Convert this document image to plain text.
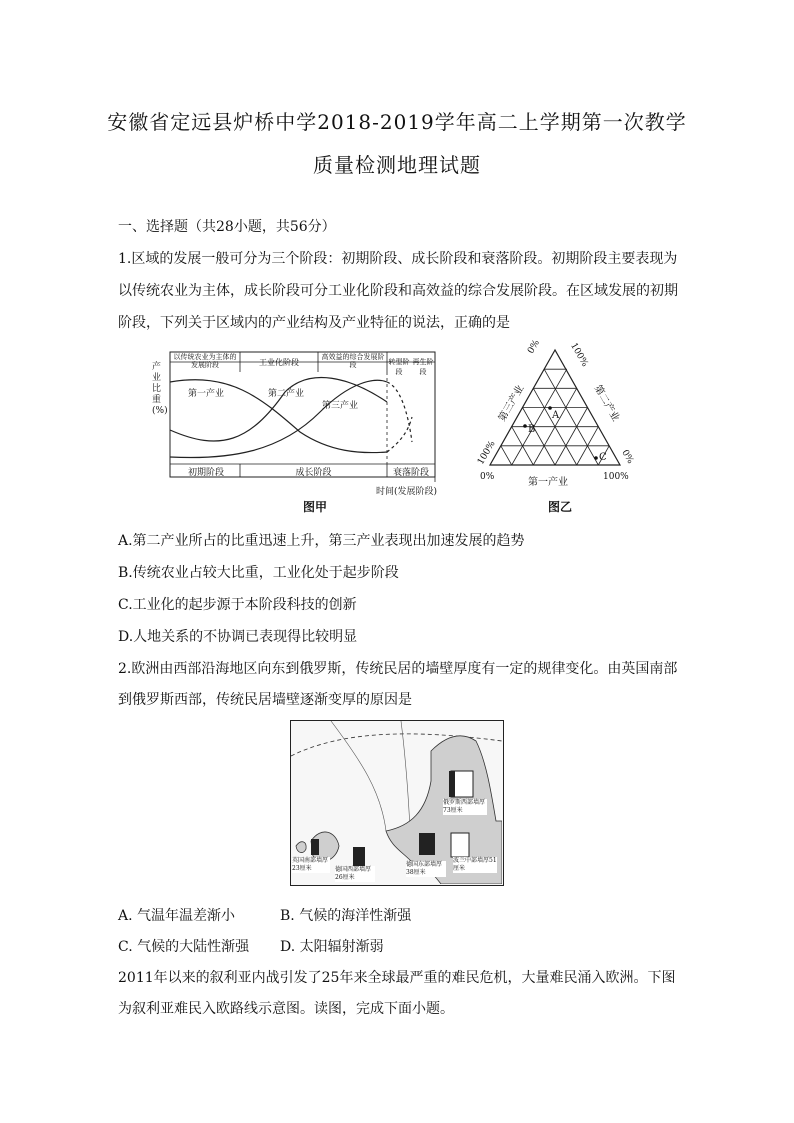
安徽省定远县炉桥中学2018-2019学年高二上学期第一次教学
质量检测地理试题
一、选择题（共28小题，共56分）
1.区域的发展一般可分为三个阶段：初期阶段、成长阶段和衰落阶段。初期阶段主要表现为
以传统农业为主体，成长阶段可分工业化阶段和高效益的综合发展阶段。在区域发展的初期
阶段，下列关于区域内的产业结构及产业特征的说法，正确的是
产业比重(%)
以传统农业为主体的发展阶段	工业化阶段
高效益的综合发展阶段	转型阶段
再生阶段
第一产业	第二产业
第三产业
初期阶段	成长阶段	衰落阶段
时间(发展阶段)
图甲
A
B
C
第三产业	第二产业
第一产业
0%	100%
0%
100%	0%
100%
图乙
A.第二产业所占的比重迅速上升，第三产业表现出加速发展的趋势
B.传统农业占较大比重，工业化处于起步阶段
C.工业化的起步源于本阶段科技的创新
D.人地关系的不协调已表现得比较明显
2.欧洲由西部沿海地区向东到俄罗斯，传统民居的墙壁厚度有一定的规律变化。由英国南部
到俄罗斯西部，传统民居墙壁逐渐变厚的原因是
英国南部墙厚23厘米	德国西部墙厚26厘米
德国东部墙厚38厘米
波兰中部墙厚51厘米
俄罗斯西部墙厚73厘米
A. 气温年温差渐小	B. 气候的海洋性渐强
C. 气候的大陆性渐强 D. 太阳辐射渐弱
2011年以来的叙利亚内战引发了25年来全球最严重的难民危机，大量难民涌入欧洲。下图
为叙利亚难民入欧路线示意图。读图，完成下面小题。
